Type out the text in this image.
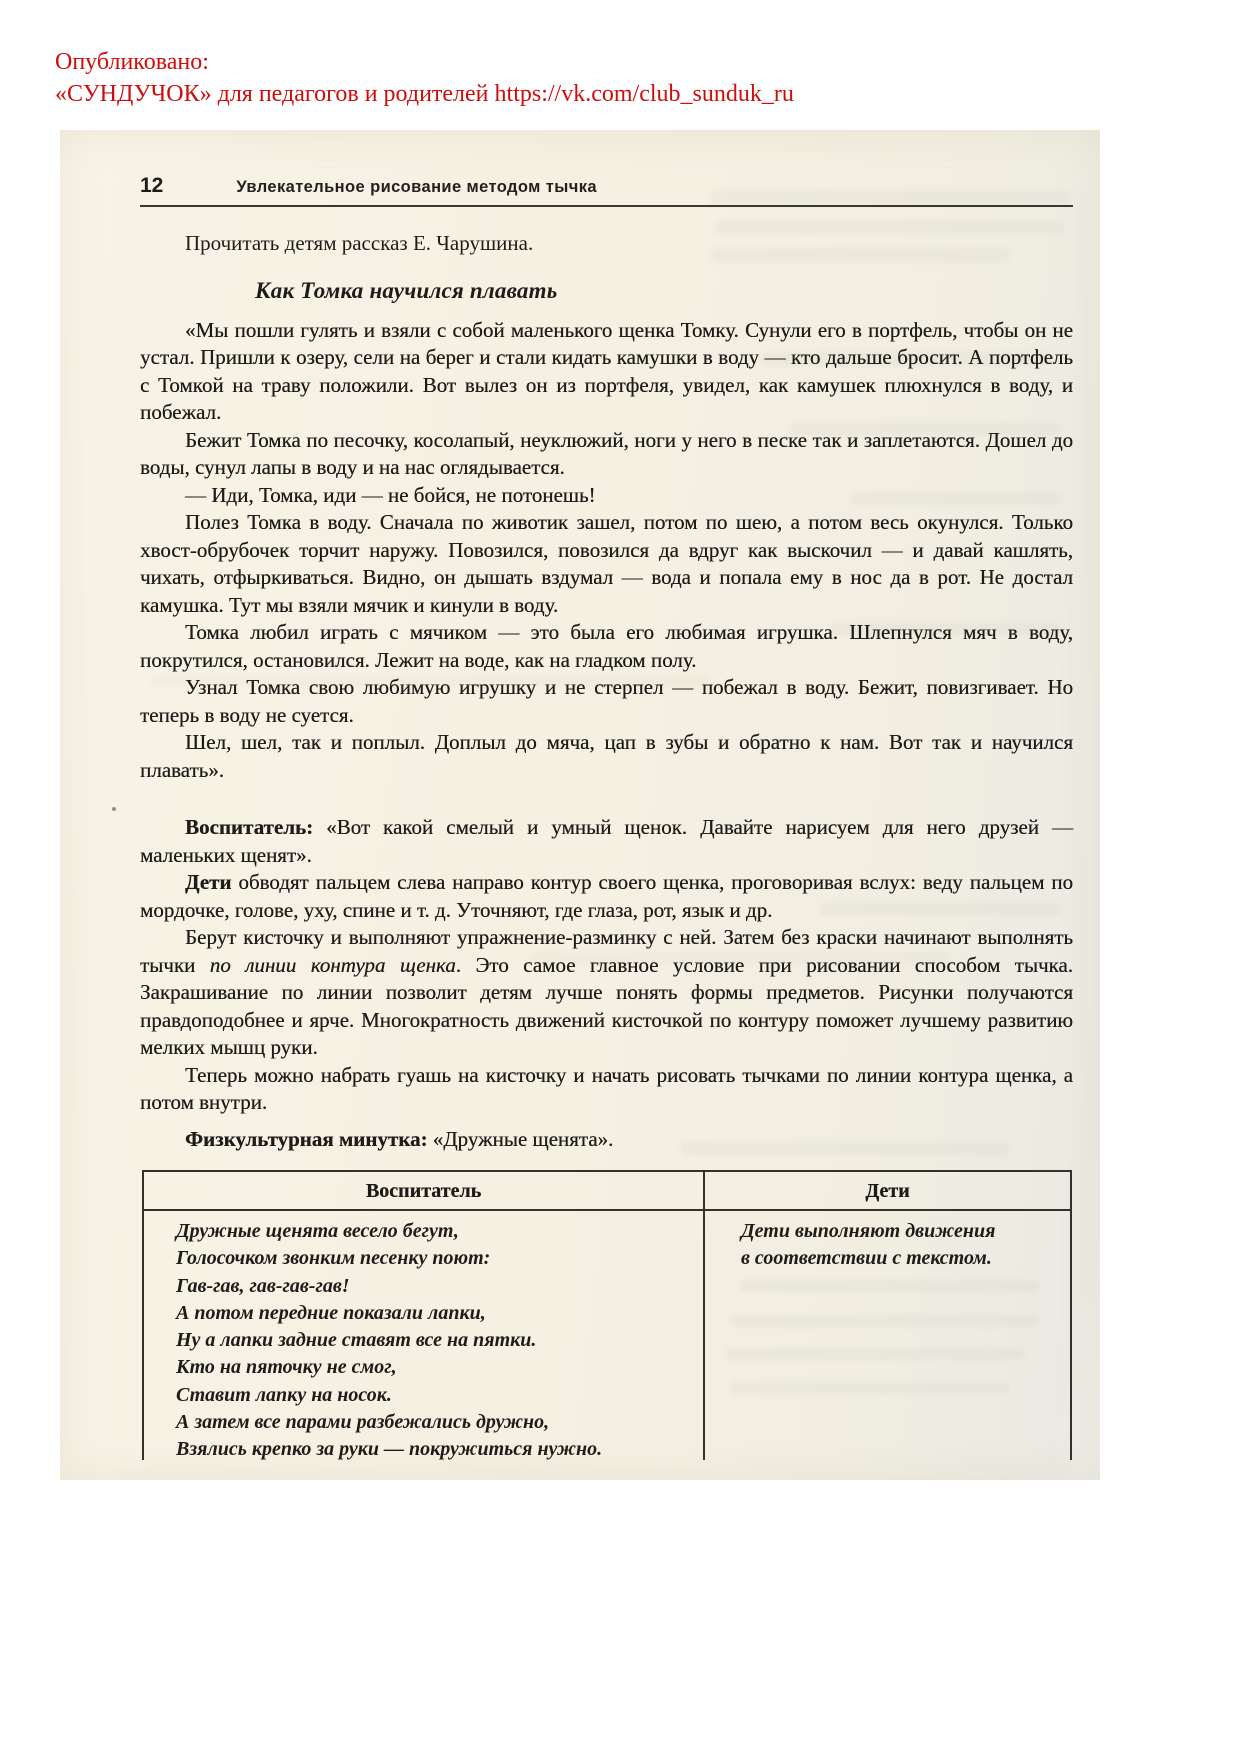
Опубликовано:
«СУНДУЧОК» для педагогов и родителей https://vk.com/club_sunduk_ru
12	Увлекательное рисование методом тычка

Прочитать детям рассказ Е. Чарушина.

Как Томка научился плавать

«Мы пошли гулять и взяли с собой маленького щенка Томку. Сунули его в портфель, чтобы он не устал. Пришли к озеру, сели на берег и стали кидать камушки в воду — кто дальше бросит. А портфель с Томкой на траву положили. Вот вылез он из портфеля, увидел, как камушек плюхнулся в воду, и побежал.

Бежит Томка по песочку, косолапый, неуклюжий, ноги у него в песке так и заплетаются. Дошел до воды, сунул лапы в воду и на нас оглядывается.

— Иди, Томка, иди — не бойся, не потонешь!

Полез Томка в воду. Сначала по животик зашел, потом по шею, а потом весь окунулся. Только хвост-обрубочек торчит наружу. Повозился, повозился да вдруг как выскочил — и давай кашлять, чихать, отфыркиваться. Видно, он дышать вздумал — вода и попала ему в нос да в рот. Не достал камушка. Тут мы взяли мячик и кинули в воду.

Томка любил играть с мячиком — это была его любимая игрушка. Шлепнулся мяч в воду, покрутился, остановился. Лежит на воде, как на гладком полу.

Узнал Томка свою любимую игрушку и не стерпел — побежал в воду. Бежит, повизгивает. Но теперь в воду не суется.

Шел, шел, так и поплыл. Доплыл до мяча, цап в зубы и обратно к нам. Вот так и научился плавать».

Воспитатель: «Вот какой смелый и умный щенок. Давайте нарисуем для него друзей — маленьких щенят».

Дети обводят пальцем слева направо контур своего щенка, проговоривая вслух: веду пальцем по мордочке, голове, уху, спине и т. д. Уточняют, где глаза, рот, язык и др.

Берут кисточку и выполняют упражнение-разминку с ней. Затем без краски начинают выполнять тычки по линии контура щенка. Это самое главное условие при рисовании способом тычка. Закрашивание по линии позволит детям лучше понять формы предметов. Рисунки получаются правдоподобнее и ярче. Многократность движений кисточкой по контуру поможет лучшему развитию мелких мышц руки.

Теперь можно набрать гуашь на кисточку и начать рисовать тычками по линии контура щенка, а потом внутри.

Физкультурная минутка: «Дружные щенята».

Воспитатель	Дети
Дружные щенята весело бегут,
Голосочком звонким песенку поют:
Гав-гав, гав-гав-гав!
А потом передние показали лапки,
Ну а лапки задние ставят все на пятки.
Кто на пяточку не смог,
Ставит лапку на носок.
А затем все парами разбежались дружно,
Взялись крепко за руки — покружиться нужно.
Дети выполняют движения
в соответствии с текстом.
